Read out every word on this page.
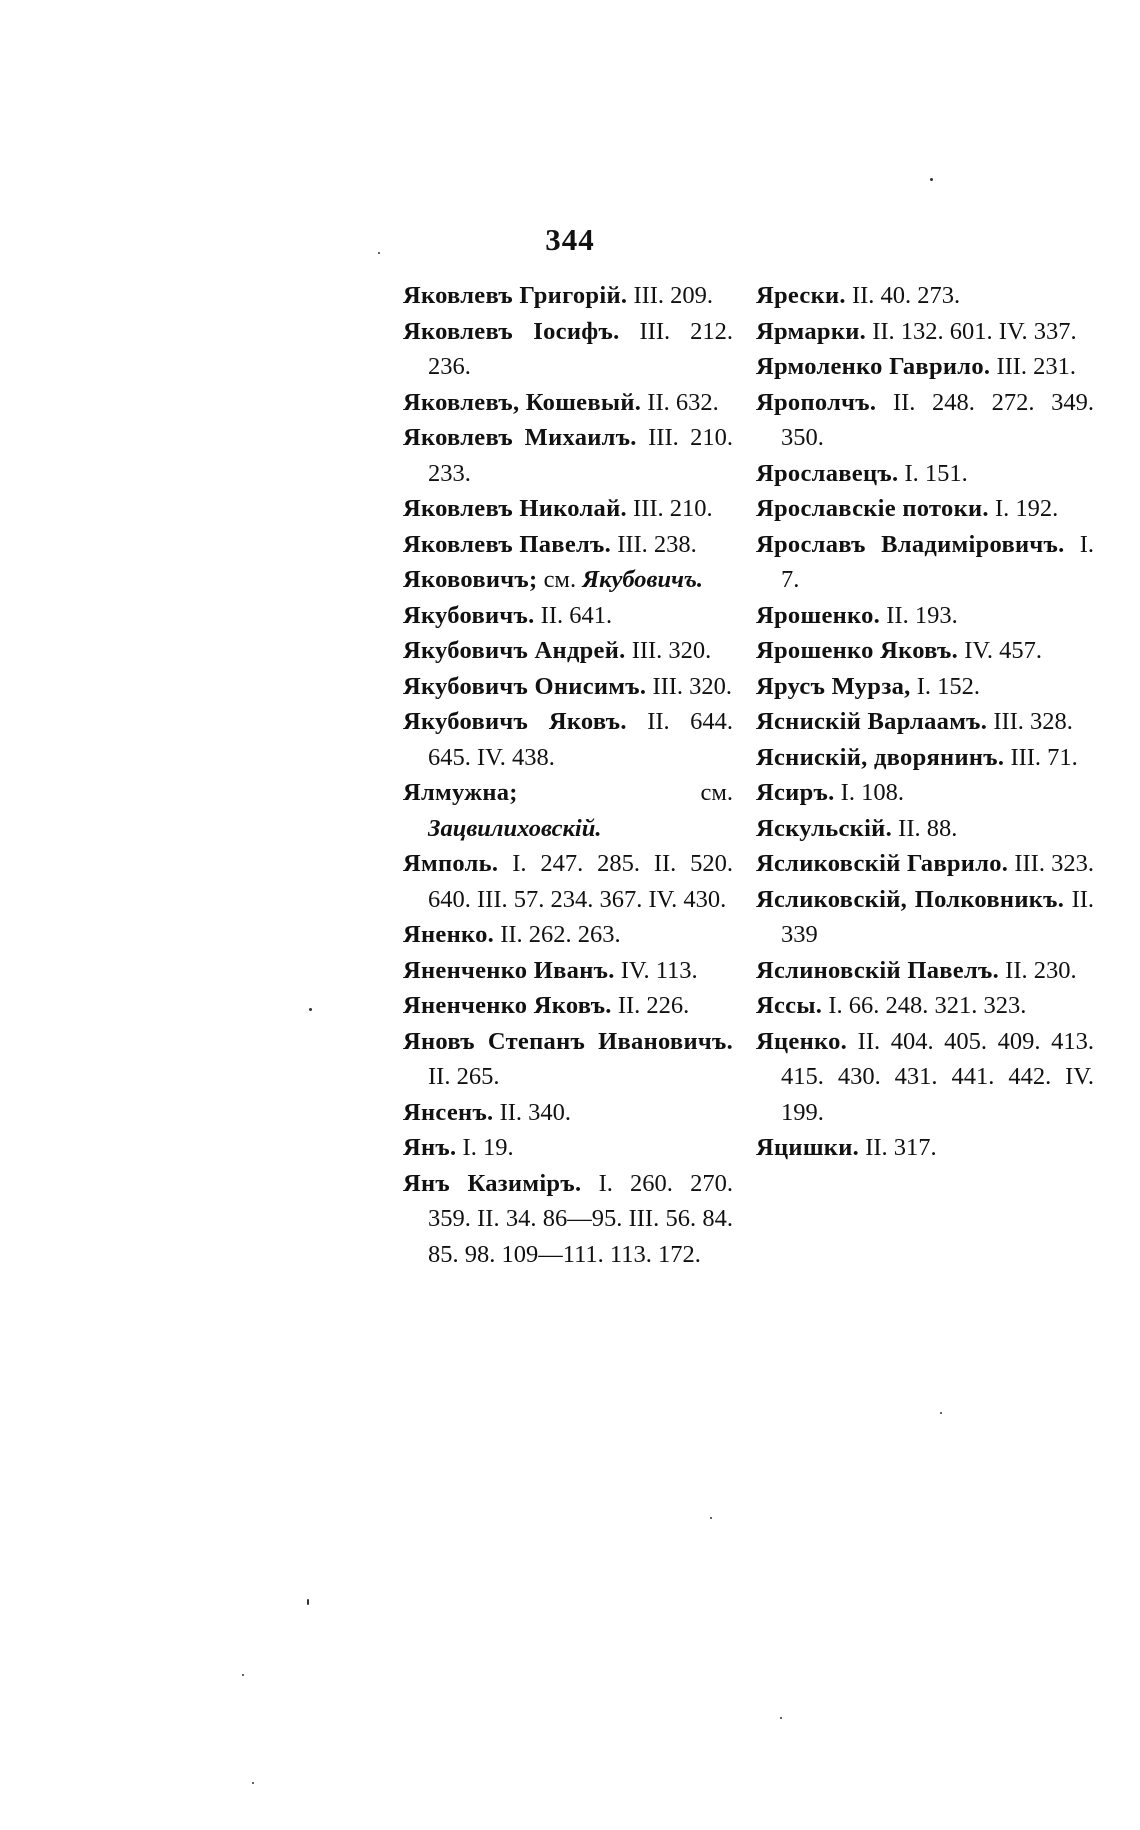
344
Яковлевъ Григорій. III. 209.
Яковлевъ Іосифъ. III. 212. 236.
Яковлевъ, Кошевый. II. 632.
Яковлевъ Михаилъ. III. 210. 233.
Яковлевъ Николай. III. 210.
Яковлевъ Павелъ. III. 238.
Якововичъ; см. Якубовичъ.
Якубовичъ. II. 641.
Якубовичъ Андрей. III. 320.
Якубовичъ Онисимъ. III. 320.
Якубовичъ Яковъ. II. 644. 645. IV. 438.
Ялмужна;	см. Зацвилиховскій.
Ямполь. I. 247. 285. II. 520. 640. III. 57. 234. 367. IV. 430.
Яненко. II. 262. 263.
Яненченко Иванъ. IV. 113.
Яненченко Яковъ. II. 226.
Яновъ Степанъ Ивановичъ. II. 265.
Янсенъ. II. 340.
Янъ. I. 19.
Янъ Казиміръ. I. 260. 270. 359. II. 34. 86—95. III. 56. 84. 85. 98. 109—111. 113. 172.
Ярески. II. 40. 273.
Ярмарки. II. 132. 601. IV. 337.
Ярмоленко Гаврило. III. 231.
Ярополчъ. II. 248. 272. 349. 350.
Ярославецъ. I. 151.
Ярославскіе потоки. I. 192.
Ярославъ Владиміровичъ. I. 7.
Ярошенко. II. 193.
Ярошенко Яковъ. IV. 457.
Ярусъ Мурза, I. 152.
Яснискій Варлаамъ. III. 328.
Яснискій, дворянинъ. III. 71.
Ясиръ. I. 108.
Яскульскій. II. 88.
Ясликовскій Гаврило. III. 323.
Ясликовскій, Полковникъ. II. 339
Яслиновскій Павелъ. II. 230.
Яссы. I. 66. 248. 321. 323.
Яценко. II. 404. 405. 409. 413. 415. 430. 431. 441. 442. IV. 199.
Яцишки. II. 317.
